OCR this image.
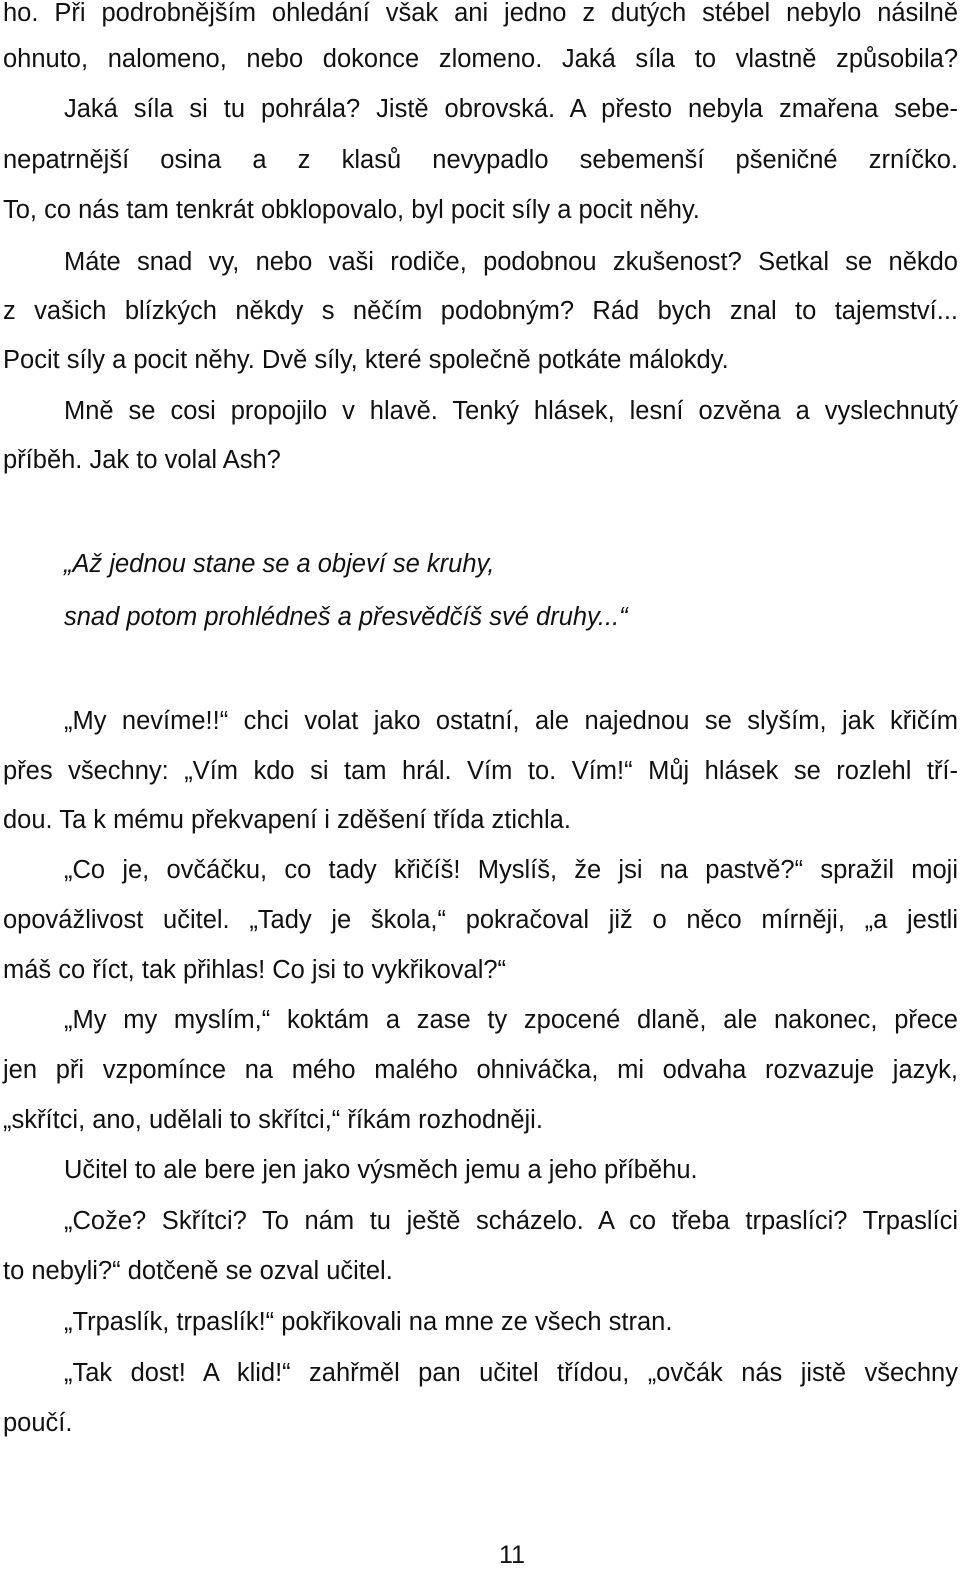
ho. Při podrobnějším ohledání však ani jedno z dutých stébel nebylo násilně
ohnuto, nalomeno, nebo dokonce zlomeno. Jaká síla to vlastně způsobila?
Jaká síla si tu pohrála? Jistě obrovská. A přesto nebyla zmařena sebe-
nepatrnější osina a z klasů nevypadlo sebemenší pšeničné zrníčko.
To, co nás tam tenkrát obklopovalo, byl pocit síly a pocit něhy.
Máte snad vy, nebo vaši rodiče, podobnou zkušenost? Setkal se někdo
z vašich blízkých někdy s něčím podobným? Rád bych znal to tajemství...
Pocit síly a pocit něhy. Dvě síly, které společně potkáte málokdy.
Mně se cosi propojilo v hlavě. Tenký hlásek, lesní ozvěna a vyslechnutý
příběh. Jak to volal Ash?
„Až jednou stane se a objeví se kruhy,
snad potom prohlédneš a přesvědčíš své druhy...“
„My nevíme!!“ chci volat jako ostatní, ale najednou se slyším, jak křičím
přes všechny: „Vím kdo si tam hrál. Vím to. Vím!“ Můj hlásek se rozlehl tří-
dou. Ta k mému překvapení i zděšení třída ztichla.
„Co je, ovčáčku, co tady křičíš! Myslíš, že jsi na pastvě?“ spražil moji
opovážlivost učitel. „Tady je škola,“ pokračoval již o něco mírněji, „a jestli
máš co říct, tak přihlas! Co jsi to vykřikoval?“
„My my myslím,“ koktám a zase ty zpocené dlaně, ale nakonec, přece
jen při vzpomínce na mého malého ohniváčka, mi odvaha rozvazuje jazyk,
„skřítci, ano, udělali to skřítci,“ říkám rozhodněji.
Učitel to ale bere jen jako výsměch jemu a jeho příběhu.
„Cože? Skřítci? To nám tu ještě scházelo. A co třeba trpaslíci? Trpaslíci
to nebyli?“ dotčeně se ozval učitel.
„Trpaslík, trpaslík!“ pokřikovali na mne ze všech stran.
„Tak dost! A klid!“ zahřměl pan učitel třídou, „ovčák nás jistě všechny
poučí.
11
